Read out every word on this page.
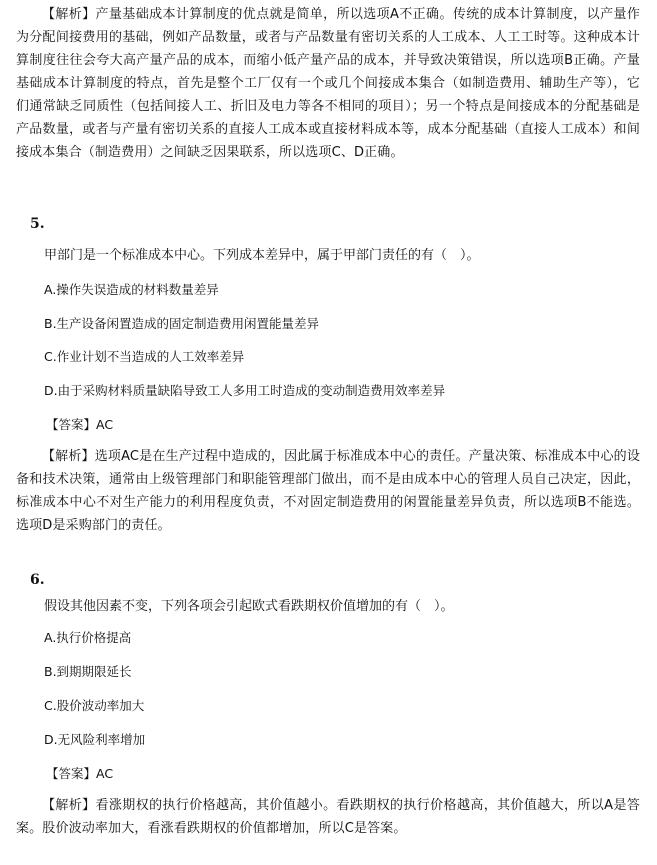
【解析】产量基础成本计算制度的优点就是简单，所以选项A不正确。传统的成本计算制度，以产量作为分配间接费用的基础，例如产品数量，或者与产品数量有密切关系的人工成本、人工工时等。这种成本计算制度往往会夸大高产量产品的成本，而缩小低产量产品的成本，并导致决策错误，所以选项B正确。产量基础成本计算制度的特点，首先是整个工厂仅有一个或几个间接成本集合（如制造费用、辅助生产等），它们通常缺乏同质性（包括间接人工、折旧及电力等各不相同的项目）；另一个特点是间接成本的分配基础是产品数量，或者与产量有密切关系的直接人工成本或直接材料成本等，成本分配基础（直接人工成本）和间接成本集合（制造费用）之间缺乏因果联系，所以选项C、D正确。
5.
甲部门是一个标准成本中心。下列成本差异中，属于甲部门责任的有（　）。
A.操作失误造成的材料数量差异
B.生产设备闲置造成的固定制造费用闲置能量差异
C.作业计划不当造成的人工效率差异
D.由于采购材料质量缺陷导致工人多用工时造成的变动制造费用效率差异
【答案】AC
【解析】选项AC是在生产过程中造成的，因此属于标准成本中心的责任。产量决策、标准成本中心的设备和技术决策，通常由上级管理部门和职能管理部门做出，而不是由成本中心的管理人员自己决定，因此，标准成本中心不对生产能力的利用程度负责，不对固定制造费用的闲置能量差异负责，所以选项B不能选。选项D是采购部门的责任。
6.
假设其他因素不变，下列各项会引起欧式看跌期权价值增加的有（　）。
A.执行价格提高
B.到期期限延长
C.股价波动率加大
D.无风险利率增加
【答案】AC
【解析】看涨期权的执行价格越高，其价值越小。看跌期权的执行价格越高，其价值越大，所以A是答案。股价波动率加大，看涨看跌期权的价值都增加，所以C是答案。
